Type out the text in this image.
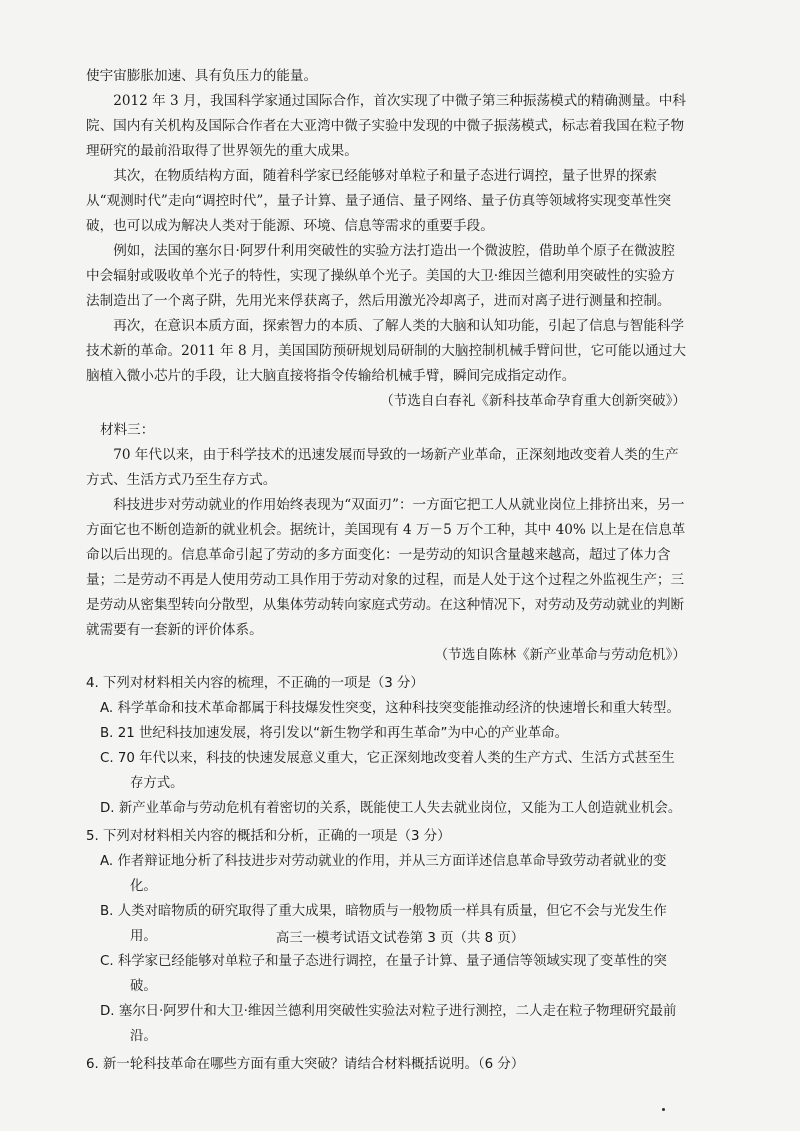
使宇宙膨胀加速、具有负压力的能量。

2012 年 3 月，我国科学家通过国际合作，首次实现了中微子第三种振荡模式的精确测量。中科院、国内有关机构及国际合作者在大亚湾中微子实验中发现的中微子振荡模式，标志着我国在粒子物理研究的最前沿取得了世界领先的重大成果。

其次，在物质结构方面，随着科学家已经能够对单粒子和量子态进行调控，量子世界的探索从“观测时代”走向“调控时代”，量子计算、量子通信、量子网络、量子仿真等领域将实现变革性突破，也可以成为解决人类对于能源、环境、信息等需求的重要手段。

例如，法国的塞尔日·阿罗什利用突破性的实验方法打造出一个微波腔，借助单个原子在微波腔中会辐射或吸收单个光子的特性，实现了操纵单个光子。美国的大卫·维因兰德利用突破性的实验方法制造出了一个离子阱，先用光来俘获离子，然后用激光冷却离子，进而对离子进行测量和控制。

再次，在意识本质方面，探索智力的本质、了解人类的大脑和认知功能，引起了信息与智能科学技术新的革命。2011 年 8 月，美国国防预研规划局研制的大脑控制机械手臂问世，它可能以通过大脑植入微小芯片的手段，让大脑直接将指令传输给机械手臂，瞬间完成指定动作。

（节选自白春礼《新科技革命孕育重大创新突破》）

材料三：

70 年代以来，由于科学技术的迅速发展而导致的一场新产业革命，正深刻地改变着人类的生产方式、生活方式乃至生存方式。

科技进步对劳动就业的作用始终表现为“双面刃”：一方面它把工人从就业岗位上排挤出来，另一方面它也不断创造新的就业机会。据统计，美国现有 4 万－5 万个工种，其中 40% 以上是在信息革命以后出现的。信息革命引起了劳动的多方面变化：一是劳动的知识含量越来越高，超过了体力含量；二是劳动不再是人使用劳动工具作用于劳动对象的过程，而是人处于这个过程之外监视生产；三是劳动从密集型转向分散型，从集体劳动转向家庭式劳动。在这种情况下，对劳动及劳动就业的判断就需要有一套新的评价体系。

（节选自陈林《新产业革命与劳动危机》）

4. 下列对材料相关内容的梳理，不正确的一项是（3 分）

A. 科学革命和技术革命都属于科技爆发性突变，这种科技突变能推动经济的快速增长和重大转型。

B. 21 世纪科技加速发展，将引发以“新生物学和再生革命”为中心的产业革命。

C. 70 年代以来，科技的快速发展意义重大，它正深刻地改变着人类的生产方式、生活方式甚至生存方式。

D. 新产业革命与劳动危机有着密切的关系，既能使工人失去就业岗位，又能为工人创造就业机会。

5. 下列对材料相关内容的概括和分析，正确的一项是（3 分）

A. 作者辩证地分析了科技进步对劳动就业的作用，并从三方面详述信息革命导致劳动者就业的变化。

B. 人类对暗物质的研究取得了重大成果，暗物质与一般物质一样具有质量，但它不会与光发生作用。

C. 科学家已经能够对单粒子和量子态进行调控，在量子计算、量子通信等领域实现了变革性的突破。

D. 塞尔日·阿罗什和大卫·维因兰德利用突破性实验法对粒子进行测控，二人走在粒子物理研究最前沿。

6. 新一轮科技革命在哪些方面有重大突破？请结合材料概括说明。（6 分）

高三一模考试语文试卷第 3 页（共 8 页）
